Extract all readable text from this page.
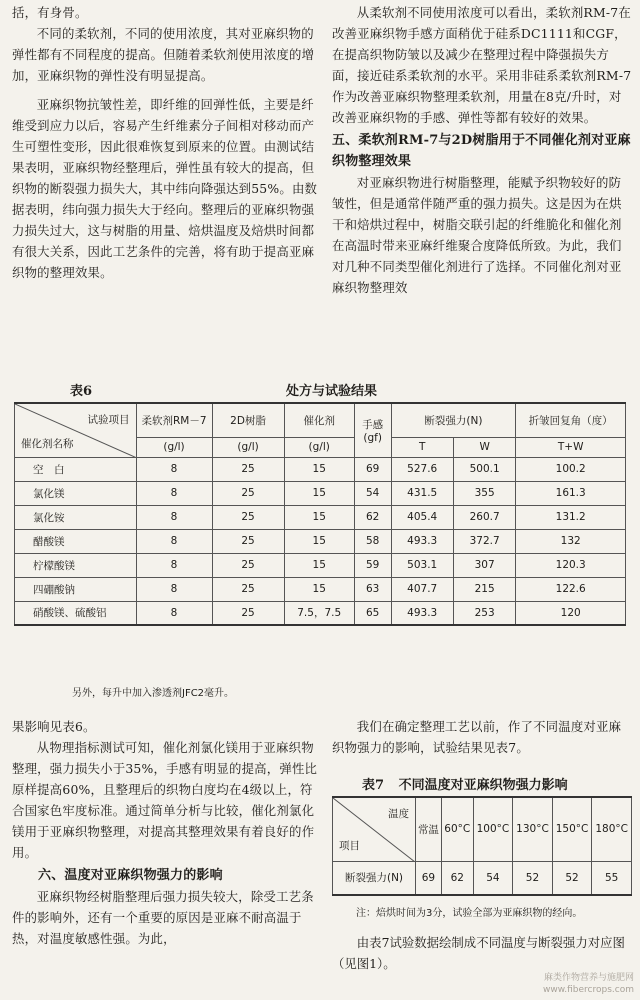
括，有身骨。

不同的柔软剂，不同的使用浓度，其对亚麻织物的弹性都有不同程度的提高。但随着柔软剂使用浓度的增加，亚麻织物的弹性没有明显提高。

亚麻织物抗皱性差，即纤维的回弹性低，主要是纤维受到应力以后，容易产生纤维素分子间相对移动而产生可塑性变形，因此很难恢复到原来的位置。由测试结果表明，亚麻织物经整理后，弹性虽有较大的提高，但织物的断裂强力损失大，其中纬向降强达到55%。由数据表明，纬向强力损失大于经向。整理后的亚麻织物强力损失过大，这与树脂的用量、焙烘温度及焙烘时间都有很大关系，因此工艺条件的完善，将有助于提高亚麻织物的整理效果。

从柔软剂不同使用浓度可以看出，柔软剂RM-7在改善亚麻织物手感方面稍优于硅系DC1111和CGF，在提高织物防皱以及减少在整理过程中降强损失方面，接近硅系柔软剂的水平。采用非硅系柔软剂RM-7作为改善亚麻织物整理柔软剂，用量在8克/升时，对改善亚麻织物的手感、弹性等都有较好的效果。

五、柔软剂RM-7与2D树脂用于不同催化剂对亚麻织物整理效果

对亚麻织物进行树脂整理，能赋予织物较好的防皱性，但是通常伴随严重的强力损失。这是因为在烘干和焙烘过程中，树脂交联引起的纤维脆化和催化剂在高温时带来亚麻纤维聚合度降低所致。为此，我们对几种不同类型催化剂进行了选择。不同催化剂对亚麻织物整理效

表6	处方与试验结果
试验项目
催化剂名称	柔软剂RM－7	2D树脂	催化剂	手感(gf)	断裂强力(N)		折皱回复角（度）
	(g/l)	(g/l)	(g/l)		T	W	T+W
空　白	8	25	15	69	527.6	500.1	100.2
氯化镁	8	25	15	54	431.5	355	161.3
氯化铵	8	25	15	62	405.4	260.7	131.2
醋酸镁	8	25	15	58	493.3	372.7	132
柠檬酸镁	8	25	15	59	503.1	307	120.3
四硼酸钠	8	25	15	63	407.7	215	122.6
硝酸镁、硫酸铝	8	25	7.5，7.5	65	493.3	253	120
另外，每升中加入渗透剂JFC2毫升。

果影响见表6。

从物理指标测试可知，催化剂氯化镁用于亚麻织物整理，强力损失小于35%，手感有明显的提高，弹性比原样提高60%，且整理后的织物白度均在4级以上，符合国家色牢度标准。通过简单分析与比较，催化剂氯化镁用于亚麻织物整理，对提高其整理效果有着良好的作用。

六、温度对亚麻织物强力的影响

亚麻织物经树脂整理后强力损失较大，除受工艺条件的影响外，还有一个重要的原因是亚麻不耐高温于热，对温度敏感性强。为此，

我们在确定整理工艺以前，作了不同温度对亚麻织物强力的影响，试验结果见表7。

表7 不同温度对亚麻织物强力影响
温度
项目	常温	60°C	100°C	130°C	150°C	180°C
断裂强力(N)	69	62	54	52	52	55
注：焙烘时间为3分，试验全部为亚麻织物的经向。

由表7试验数据绘制成不同温度与断裂强力对应图（见图1）。

麻类作物营养与施肥网
www.fibercrops.com
